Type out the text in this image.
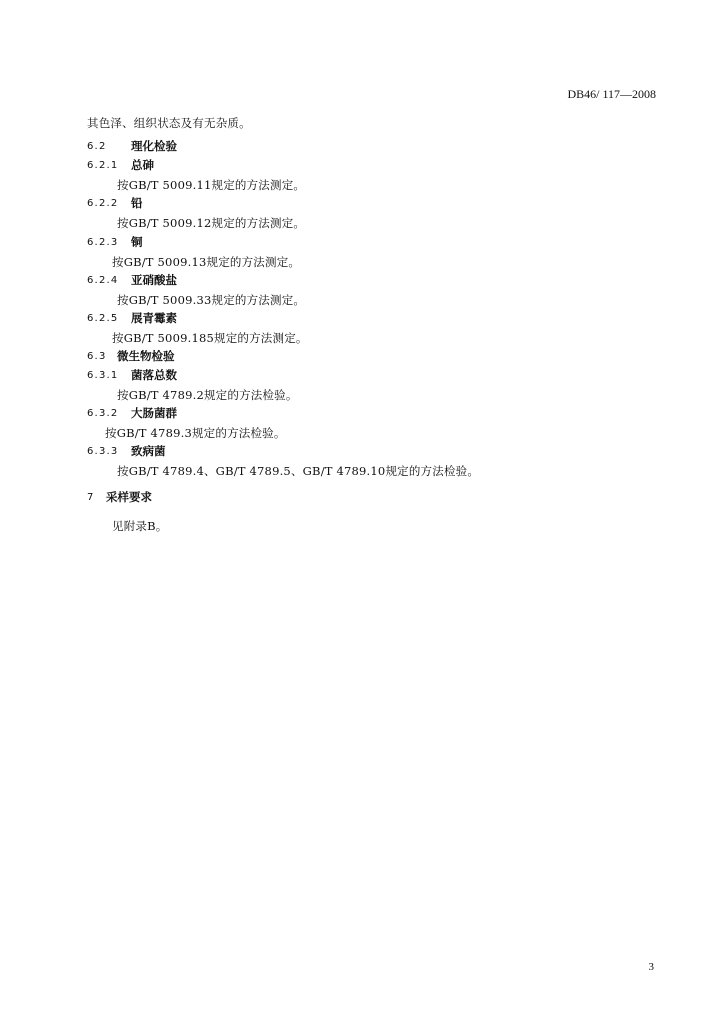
DB46/ 117—2008
其色泽、组织状态及有无杂质。
6.2 理化检验
6.2.1 总砷
按GB/T 5009.11规定的方法测定。
6.2.2 铅
按GB/T 5009.12规定的方法测定。
6.2.3 铜
按GB/T 5009.13规定的方法测定。
6.2.4 亚硝酸盐
按GB/T 5009.33规定的方法测定。
6.2.5 展青霉素
按GB/T 5009.185规定的方法测定。
6.3 微生物检验
6.3.1 菌落总数
按GB/T 4789.2规定的方法检验。
6.3.2 大肠菌群
按GB/T 4789.3规定的方法检验。
6.3.3 致病菌
按GB/T 4789.4、GB/T 4789.5、GB/T 4789.10规定的方法检验。
7 采样要求
见附录B。
3
